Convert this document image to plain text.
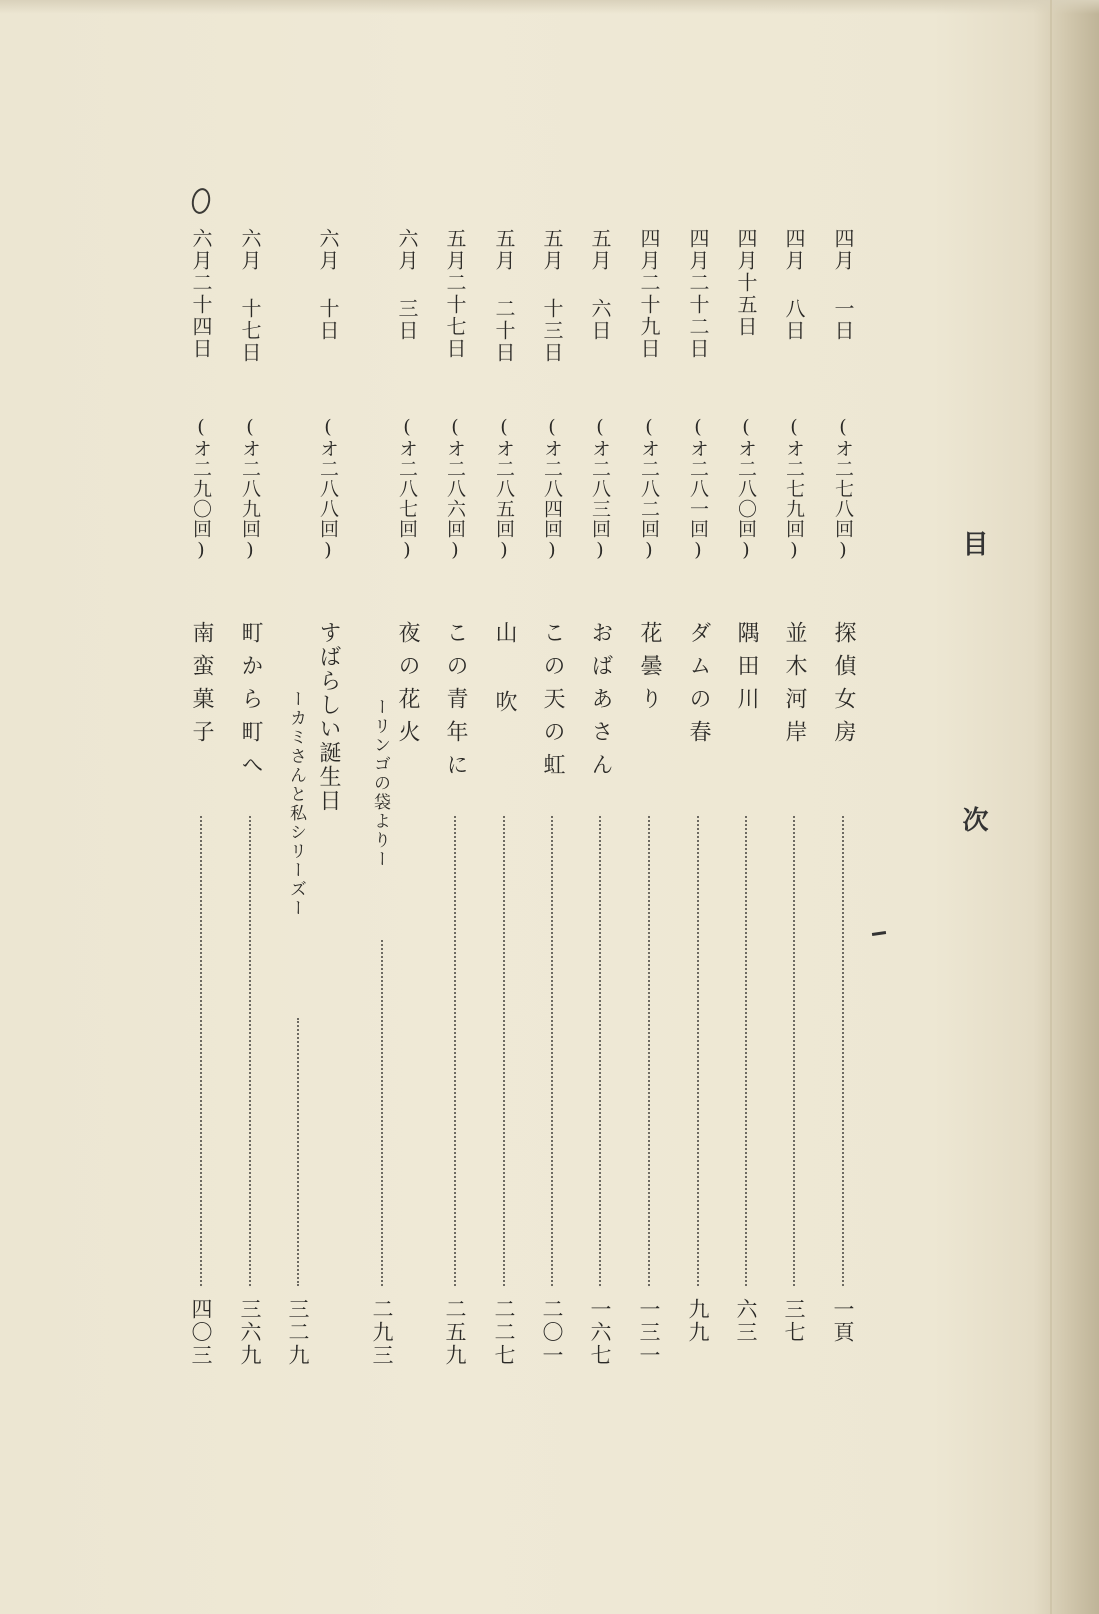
目 次
四月 一日
(オ二七八回)
探偵女房
一頁
四月 八日
(オ二七九回)
並木河岸
三七
四月十五日
(オ二八〇回)
隅田川
六三
四月二十二日
(オ二八一回)
ダムの春
九九
四月二十九日
(オ二八二回)
花曇り
一三一
五月 六日
(オ二八三回)
おばあさん
一六七
五月 十三日
(オ二八四回)
この天の虹
二〇一
五月 二十日
(オ二八五回)
山 吹
二二七
五月二十七日
(オ二八六回)
この青年に
二五九
六月 三日
(オ二八七回)
夜の花火
ーリンゴの袋よりー
二九三
六月 十日
(オ二八八回)
すばらしい誕生日
ーカミさんと私シリーズー
三二九
六月 十七日
(オ二八九回)
町から町へ
三六九
六月二十四日
(オ二九〇回)
南蛮菓子
四〇三
